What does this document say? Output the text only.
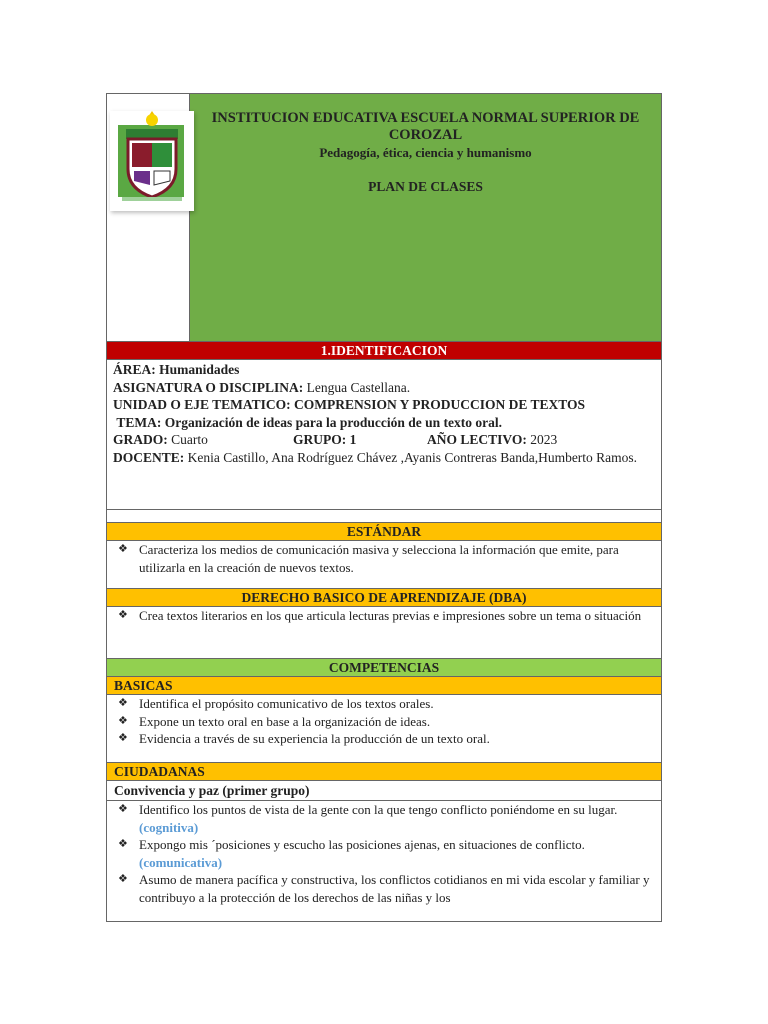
INSTITUCION EDUCATIVA ESCUELA NORMAL SUPERIOR DE COROZAL
Pedagogía, ética, ciencia y humanismo
PLAN DE CLASES
1.IDENTIFICACION
ÁREA: Humanidades
ASIGNATURA O DISCIPLINA: Lengua Castellana.
UNIDAD O EJE TEMATICO: COMPRENSION Y PRODUCCION DE TEXTOS
TEMA: Organización de ideas para la producción de un texto oral.
GRADO: Cuarto	GRUPO: 1	AÑO LECTIVO: 2023
DOCENTE: Kenia Castillo, Ana Rodríguez Chávez ,Ayanis Contreras Banda,Humberto Ramos.
ESTÁNDAR
❖ Caracteriza los medios de comunicación masiva y selecciona la información que emite, para utilizarla en la creación de nuevos textos.
DERECHO BASICO DE APRENDIZAJE (DBA)
❖ Crea textos literarios en los que articula lecturas previas e impresiones sobre un tema o situación
COMPETENCIAS
BASICAS
❖ Identifica el propósito comunicativo de los textos orales.
❖ Expone un texto oral en base a la organización de ideas.
❖ Evidencia a través de su experiencia la producción de un texto oral.
CIUDADANAS
Convivencia y paz (primer grupo)
❖ Identifico los puntos de vista de la gente con la que tengo conflicto poniéndome en su lugar. (cognitiva)
❖ Expongo mis ´posiciones y escucho las posiciones ajenas, en situaciones de conflicto. (comunicativa)
❖ Asumo de manera pacífica y constructiva, los conflictos cotidianos en mi vida escolar y familiar y contribuyo a la protección de los derechos de las niñas y los
